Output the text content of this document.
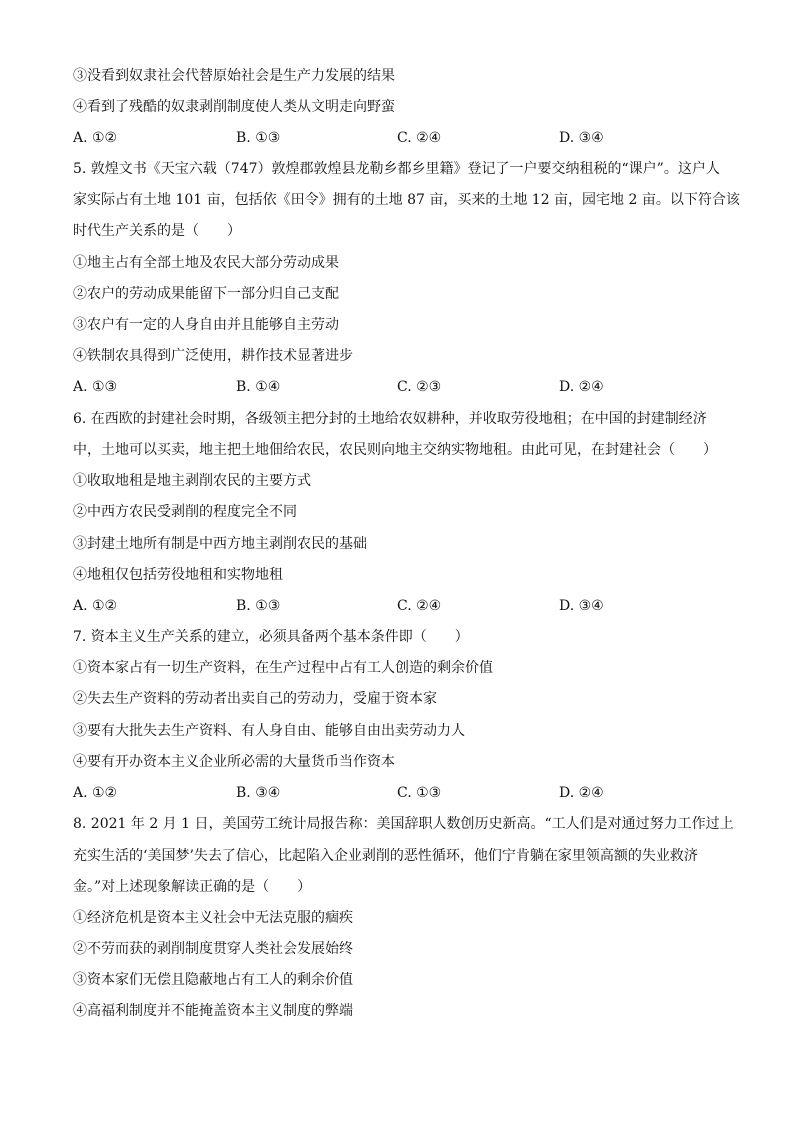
③没看到奴隶社会代替原始社会是生产力发展的结果
④看到了残酷的奴隶剥削制度使人类从文明走向野蛮
A. ①②	B. ①③	C. ②④	D. ③④
5. 敦煌文书《天宝六载（747）敦煌郡敦煌县龙勒乡都乡里籍》登记了一户要交纳租税的“课户”。这户人
家实际占有土地 101 亩，包括依《田令》拥有的土地 87 亩，买来的土地 12 亩，园宅地 2 亩。以下符合该
时代生产关系的是（　　）
①地主占有全部土地及农民大部分劳动成果
②农户的劳动成果能留下一部分归自己支配
③农户有一定的人身自由并且能够自主劳动
④铁制农具得到广泛使用，耕作技术显著进步
A. ①③	B. ①④	C. ②③	D. ②④
6. 在西欧的封建社会时期，各级领主把分封的土地给农奴耕种，并收取劳役地租；在中国的封建制经济
中，土地可以买卖，地主把土地佃给农民，农民则向地主交纳实物地租。由此可见，在封建社会（　　）
①收取地租是地主剥削农民的主要方式
②中西方农民受剥削的程度完全不同
③封建土地所有制是中西方地主剥削农民的基础
④地租仅包括劳役地租和实物地租
A. ①②	B. ①③	C. ②④	D. ③④
7. 资本主义生产关系的建立，必须具备两个基本条件即（　　）
①资本家占有一切生产资料，在生产过程中占有工人创造的剩余价值
②失去生产资料的劳动者出卖自己的劳动力，受雇于资本家
③要有大批失去生产资料、有人身自由、能够自由出卖劳动力人
④要有开办资本主义企业所必需的大量货币当作资本
A. ①②	B. ③④	C. ①③	D. ②④
8. 2021 年 2 月 1 日，美国劳工统计局报告称：美国辞职人数创历史新高。“工人们是对通过努力工作过上
充实生活的‘美国梦’失去了信心，比起陷入企业剥削的恶性循环，他们宁肯躺在家里领高额的失业救济
金。”对上述现象解读正确的是（　　）
①经济危机是资本主义社会中无法克服的痼疾
②不劳而获的剥削制度贯穿人类社会发展始终
③资本家们无偿且隐蔽地占有工人的剩余价值
④高福利制度并不能掩盖资本主义制度的弊端
